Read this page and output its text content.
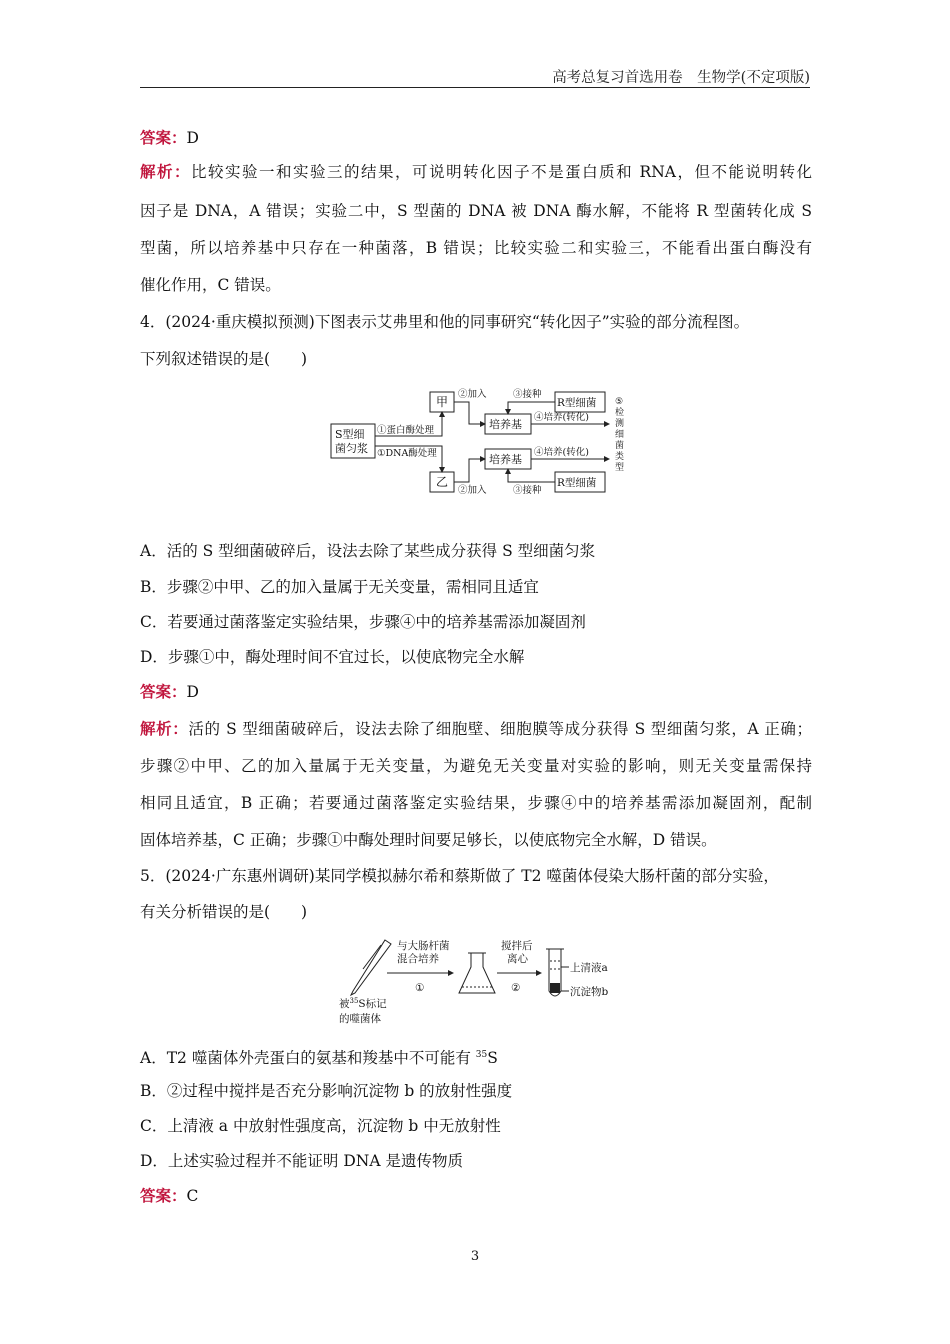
高考总复习首选用卷　生物学(不定项版)
答案：D
解析：比较实验一和实验三的结果，可说明转化因子不是蛋白质和 RNA，但不能说明转化
因子是 DNA，A 错误；实验二中，S 型菌的 DNA 被 DNA 酶水解，不能将 R 型菌转化成 S
型菌，所以培养基中只存在一种菌落，B 错误；比较实验二和实验三，不能看出蛋白酶没有
催化作用，C 错误。
4．(2024·重庆模拟预测)下图表示艾弗里和他的同事研究“转化因子”实验的部分流程图。
下列叙述错误的是(　　)
S型细
菌匀浆
甲
乙
①蛋白酶处理
①DNA酶处理
②加入
②加入
③接种
③接种
培养基
培养基
④培养(转化)
④培养(转化)
R型细菌
R型细菌
⑤ 检测细菌类型
A．活的 S 型细菌破碎后，设法去除了某些成分获得 S 型细菌匀浆
B．步骤②中甲、乙的加入量属于无关变量，需相同且适宜
C．若要通过菌落鉴定实验结果，步骤④中的培养基需添加凝固剂
D．步骤①中，酶处理时间不宜过长，以使底物完全水解
答案：D
解析：活的 S 型细菌破碎后，设法去除了细胞壁、细胞膜等成分获得 S 型细菌匀浆，A 正确；
步骤②中甲、乙的加入量属于无关变量，为避免无关变量对实验的影响，则无关变量需保持
相同且适宜，B 正确；若要通过菌落鉴定实验结果，步骤④中的培养基需添加凝固剂，配制
固体培养基，C 正确；步骤①中酶处理时间要足够长，以使底物完全水解，D 错误。
5．(2024·广东惠州调研)某同学模拟赫尔希和蔡斯做了 T2 噬菌体侵染大肠杆菌的部分实验，
有关分析错误的是(　　)
与大肠杆菌
混合培养
①
搅拌后
离心
②
上清液a
沉淀物b
被$^{35}$S标记
的噬菌体
A．T2 噬菌体外壳蛋白的氨基和羧基中不可能有 $^{35}$S
B．②过程中搅拌是否充分影响沉淀物 b 的放射性强度
C．上清液 a 中放射性强度高，沉淀物 b 中无放射性
D．上述实验过程并不能证明 DNA 是遗传物质
答案：C
3
